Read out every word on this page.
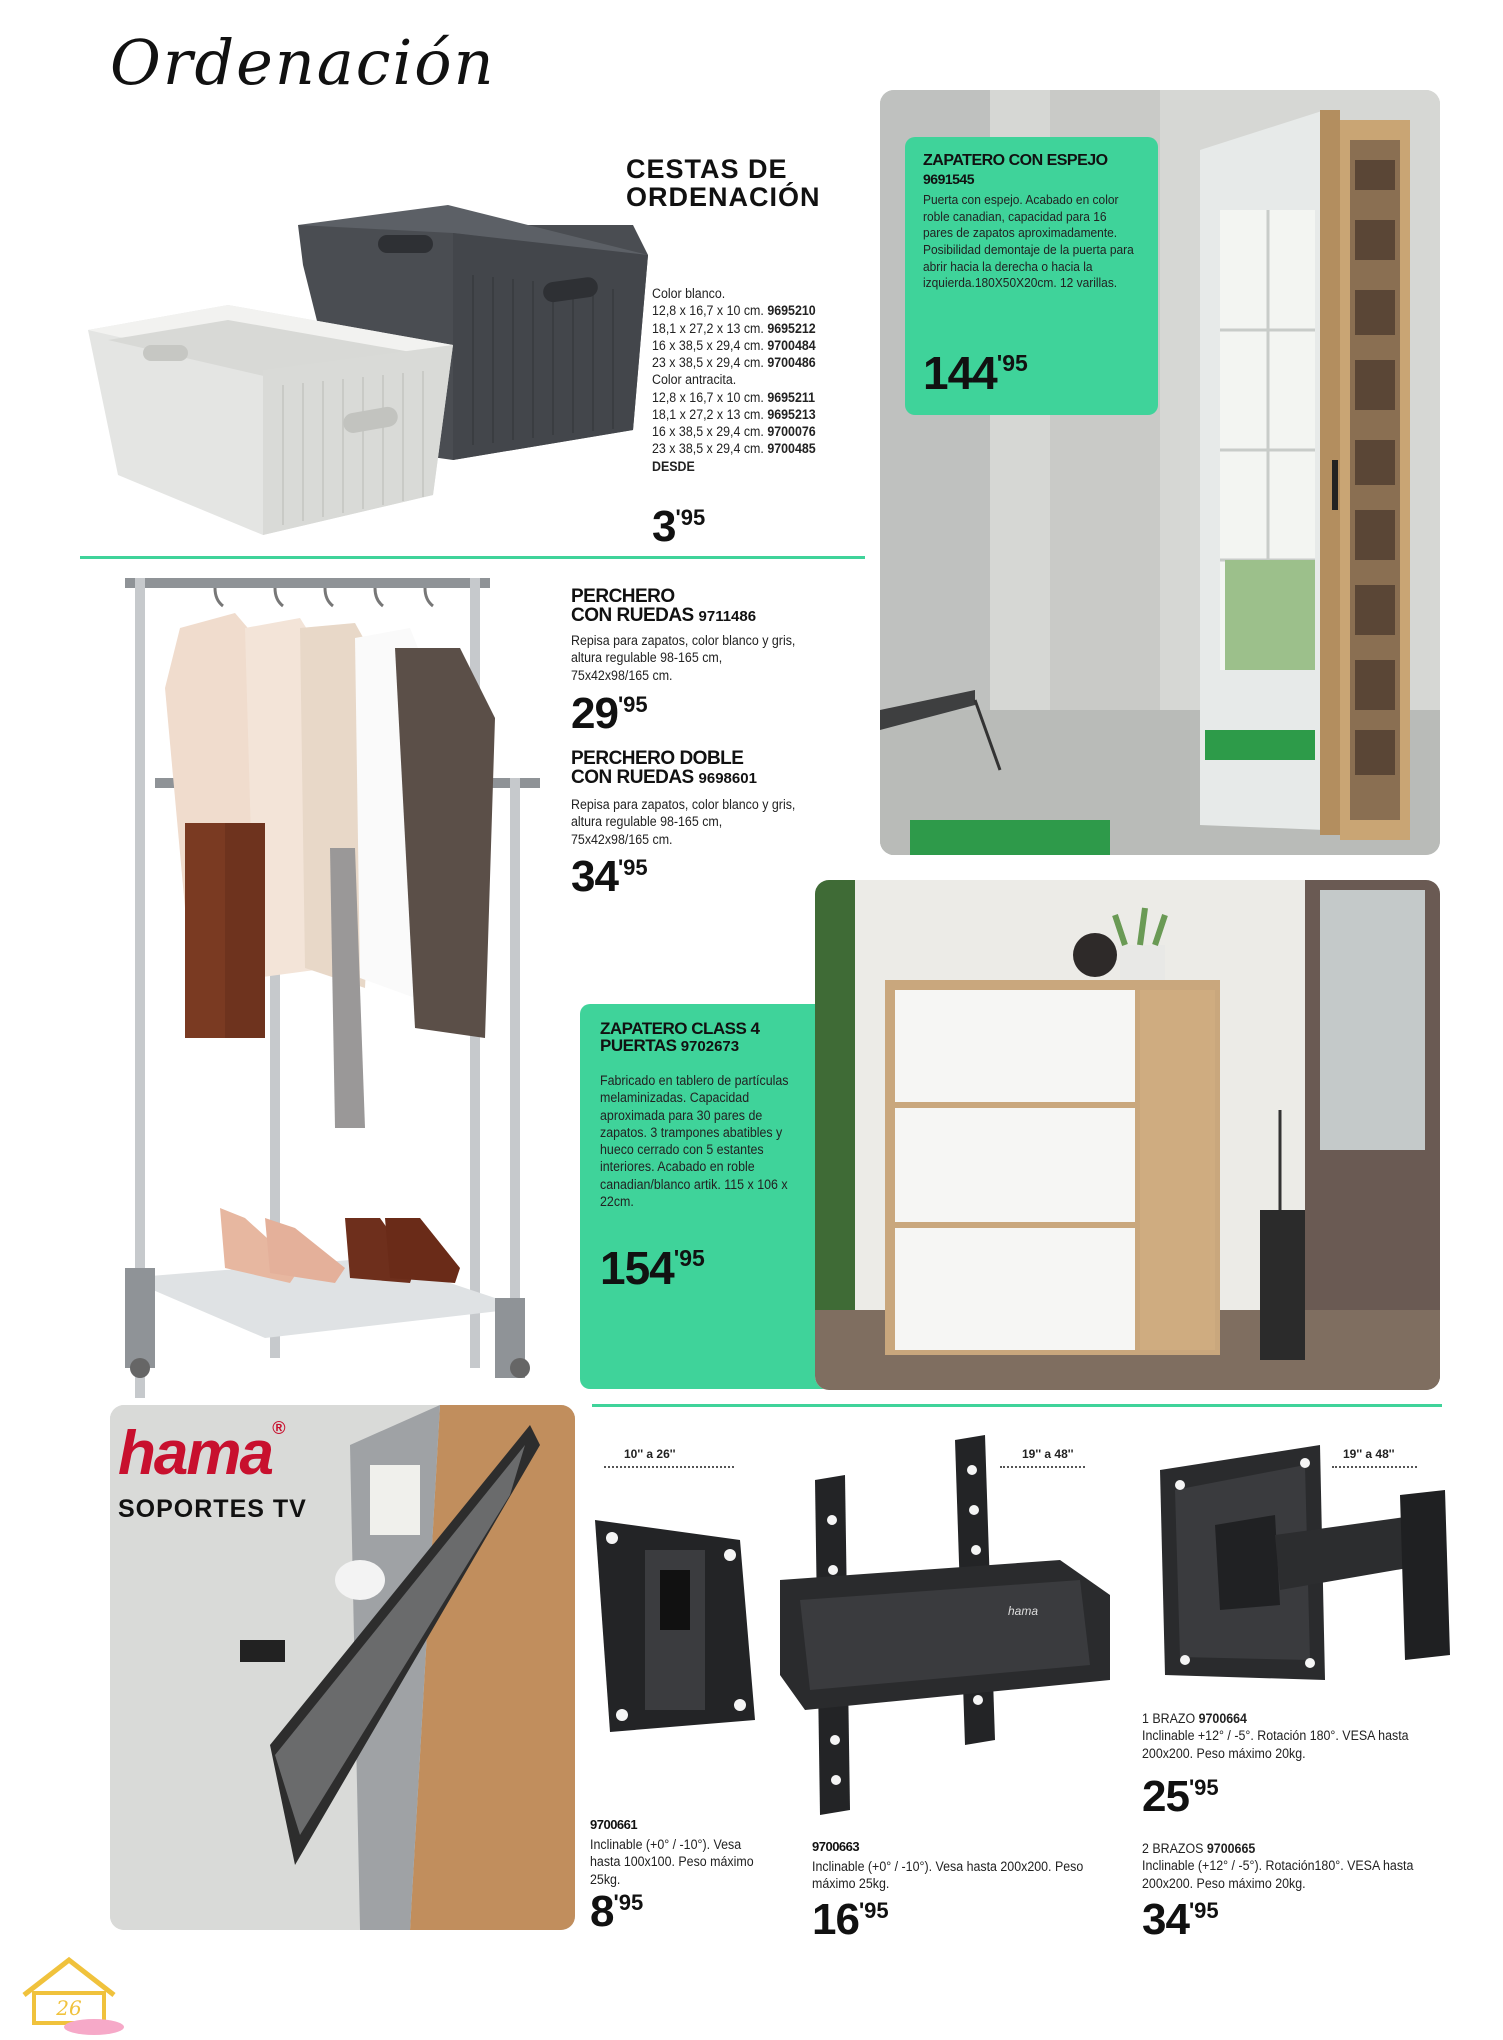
Ordenación
CESTAS DE
ORDENACIÓN
Color blanco.
12,8 x 16,7 x 10 cm. 9695210
18,1 x 27,2 x 13 cm. 9695212
16 x 38,5 x 29,4 cm. 9700484
23 x 38,5 x 29,4 cm. 9700486
Color antracita.
12,8 x 16,7 x 10 cm. 9695211
18,1 x 27,2 x 13 cm. 9695213
16 x 38,5 x 29,4 cm. 9700076
23 x 38,5 x 29,4 cm. 9700485
DESDE
$3^{'95}$
ZAPATERO CON ESPEJO
9691545
Puerta con espejo. Acabado en color roble canadian, capacidad para 16 pares de zapatos aproximadamente. Posibilidad demontaje de la puerta para abrir hacia la derecha o hacia la izquierda.180X50X20cm. 12 varillas.
$144^{'95}$
PERCHERO
CON RUEDAS 9711486
Repisa para zapatos, color blanco y gris, altura regulable 98-165 cm, 75x42x98/165 cm.
$29^{'95}$
PERCHERO DOBLE
CON RUEDAS 9698601
Repisa para zapatos, color blanco y gris, altura regulable 98-165 cm, 75x42x98/165 cm.
$34^{'95}$
ZAPATERO CLASS 4
PUERTAS 9702673
Fabricado en tablero de partículas melaminizadas. Capacidad aproximada para 30 pares de zapatos. 3 trampones abatibles y hueco cerrado con 5 estantes interiores. Acabado en roble canadian/blanco artik. 115 x 106 x 22cm.
$154^{'95}$
hama®
SOPORTES TV
10'' a 26''
9700661
Inclinable (+0° / -10°). Vesa hasta 100x100. Peso máximo 25kg.
$8^{'95}$
19'' a 48''
hama
9700663
Inclinable (+0° / -10°). Vesa hasta 200x200. Peso máximo 25kg.
$16^{'95}$
19'' a 48''
1 BRAZO 9700664
Inclinable +12° / -5°. Rotación 180°. VESA hasta 200x200. Peso máximo 20kg.
$25^{'95}$
2 BRAZOS 9700665
Inclinable (+12° / -5°). Rotación180°. VESA hasta 200x200. Peso máximo 20kg.
$34^{'95}$
26
